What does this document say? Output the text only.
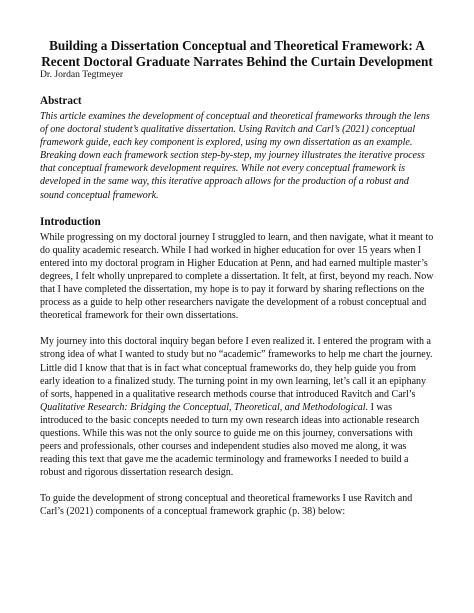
Building a Dissertation Conceptual and Theoretical Framework: A
Recent Doctoral Graduate Narrates Behind the Curtain Development

Dr. Jordan Tegtmeyer

Abstract

This article examines the development of conceptual and theoretical frameworks through the lens of one doctoral student’s qualitative dissertation. Using Ravitch and Carl’s (2021) conceptual framework guide, each key component is explored, using my own dissertation as an example. Breaking down each framework section step-by-step, my journey illustrates the iterative process that conceptual framework development requires. While not every conceptual framework is developed in the same way, this iterative approach allows for the production of a robust and sound conceptual framework.

Introduction

While progressing on my doctoral journey I struggled to learn, and then navigate, what it meant to do quality academic research. While I had worked in higher education for over 15 years when I entered into my doctoral program in Higher Education at Penn, and had earned multiple master’s degrees, I felt wholly unprepared to complete a dissertation. It felt, at first, beyond my reach. Now that I have completed the dissertation, my hope is to pay it forward by sharing reflections on the process as a guide to help other researchers navigate the development of a robust conceptual and theoretical framework for their own dissertations.

My journey into this doctoral inquiry began before I even realized it. I entered the program with a strong idea of what I wanted to study but no “academic” frameworks to help me chart the journey. Little did I know that that is in fact what conceptual frameworks do, they help guide you from early ideation to a finalized study. The turning point in my own learning, let’s call it an epiphany of sorts, happened in a qualitative research methods course that introduced Ravitch and Carl’s Qualitative Research: Bridging the Conceptual, Theoretical, and Methodological. I was introduced to the basic concepts needed to turn my own research ideas into actionable research questions. While this was not the only source to guide me on this journey, conversations with peers and professionals, other courses and independent studies also moved me along, it was reading this text that gave me the academic terminology and frameworks I needed to build a robust and rigorous dissertation research design.

To guide the development of strong conceptual and theoretical frameworks I use Ravitch and Carl’s (2021) components of a conceptual framework graphic (p. 38) below:
